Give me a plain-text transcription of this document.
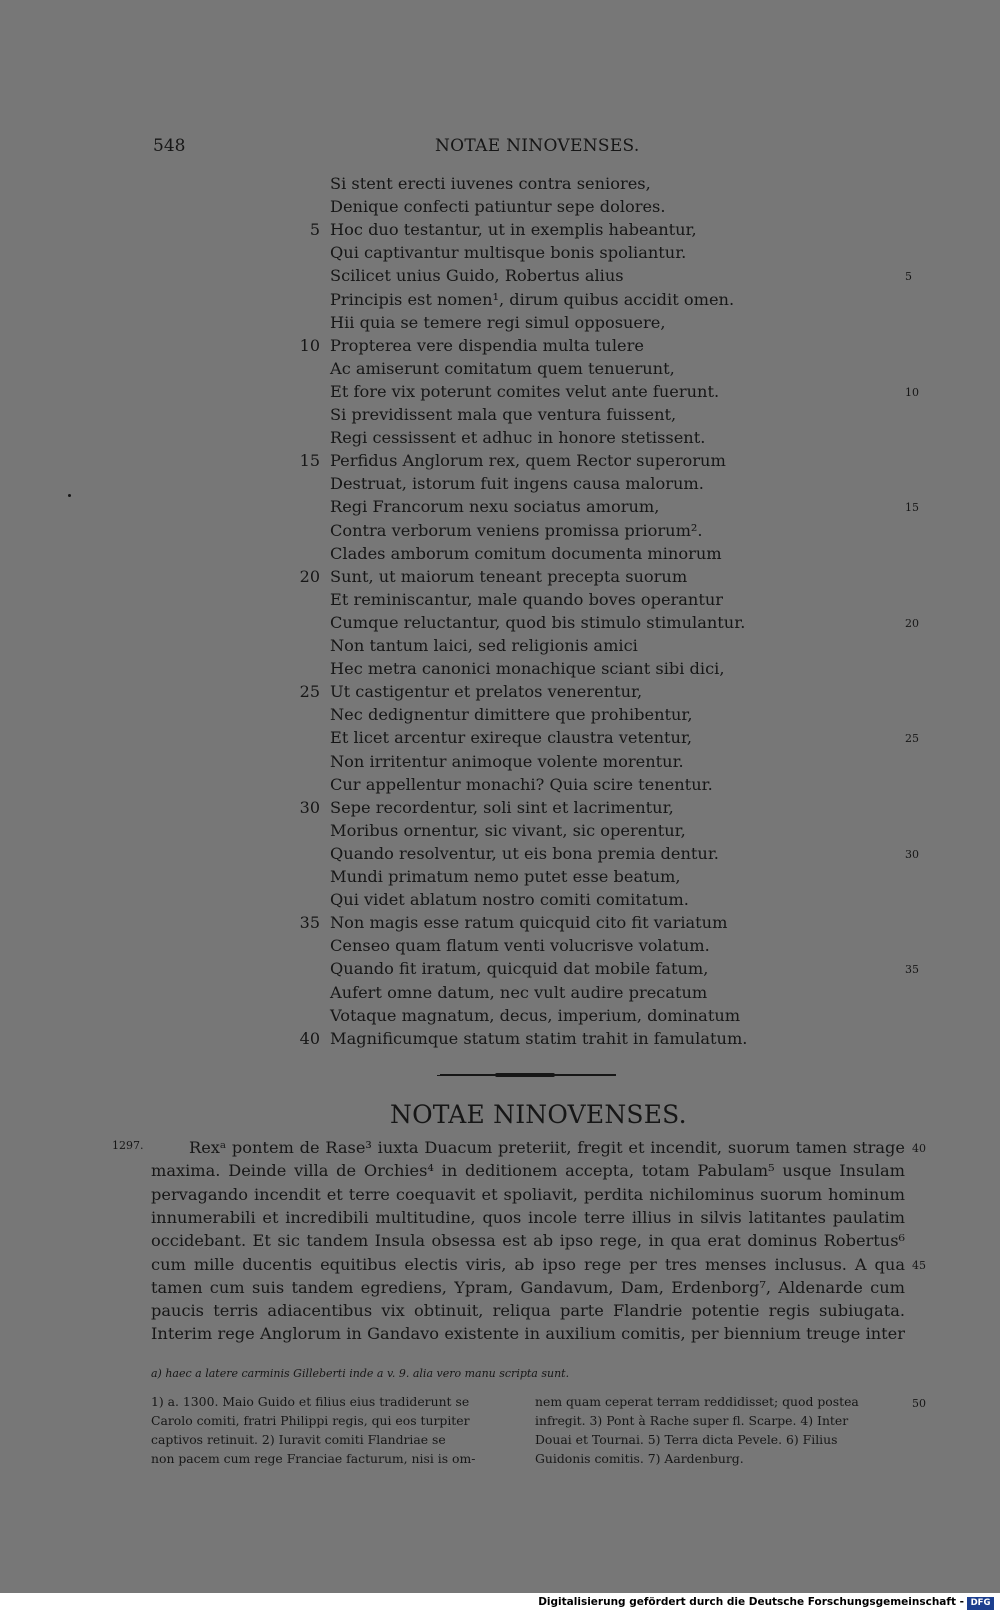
548	NOTAE NINOVENSES.
Si stent erecti iuvenes contra seniores,
Denique confecti patiuntur sepe dolores.
5 Hoc duo testantur, ut in exemplis habeantur,
Qui captivantur multisque bonis spoliantur.
Scilicet unius Guido, Robertus alius	5
Principis est nomen¹, dirum quibus accidit omen.
Hii quia se temere regi simul opposuere,
10 Propterea vere dispendia multa tulere
Ac amiserunt comitatum quem tenuerunt,
Et fore vix poterunt comites velut ante fuerunt.	10
Si previdissent mala que ventura fuissent,
Regi cessissent et adhuc in honore stetissent.
15 Perfidus Anglorum rex, quem Rector superorum
Destruat, istorum fuit ingens causa malorum.
Regi Francorum nexu sociatus amorum,	15
Contra verborum veniens promissa priorum².
Clades amborum comitum documenta minorum
20 Sunt, ut maiorum teneant precepta suorum
Et reminiscantur, male quando boves operantur
Cumque reluctantur, quod bis stimulo stimulantur.	20
Non tantum laici, sed religionis amici
Hec metra canonici monachique sciant sibi dici,
25 Ut castigentur et prelatos venerentur,
Nec dedignentur dimittere que prohibentur,
Et licet arcentur exireque claustra vetentur,	25
Non irritentur animoque volente morentur.
Cur appellentur monachi? Quia scire tenentur.
30 Sepe recordentur, soli sint et lacrimentur,
Moribus ornentur, sic vivant, sic operentur,
Quando resolventur, ut eis bona premia dentur.	30
Mundi primatum nemo putet esse beatum,
Qui videt ablatum nostro comiti comitatum.
35 Non magis esse ratum quicquid cito fit variatum
Censeo quam flatum venti volucrisve volatum.
Quando fit iratum, quicquid dat mobile fatum,	35
Aufert omne datum, nec vult audire precatum
Votaque magnatum, decus, imperium, dominatum
40 Magnificumque statum statim trahit in famulatum.
NOTAE NINOVENSES.
1297.	Rexᵃ pontem de Rase³ iuxta Duacum preteriit, fregit et incendit, suorum tamen strage
maxima. Deinde villa de Orchies⁴ in deditionem accepta, totam Pabulam⁵ usque Insulam
pervagando incendit et terre coequavit et spoliavit, perdita nichilominus suorum hominum
innumerabili et incredibili multitudine, quos incole terre illius in silvis latitantes paulatim
occidebant. Et sic tandem Insula obsessa est ab ipso rege, in qua erat dominus Robertus⁶
cum mille ducentis equitibus electis viris, ab ipso rege per tres menses inclusus. A qua
tamen cum suis tandem egrediens, Ypram, Gandavum, Dam, Erdenborg⁷, Aldenarde cum
paucis terris adiacentibus vix obtinuit, reliqua parte Flandrie potentie regis subiugata.
Interim rege Anglorum in Gandavo existente in auxilium comitis, per biennium treuge inter
40
45
a) haec a latere carminis Gilleberti inde a v. 9. alia vero manu scripta sunt.
1) a. 1300. Maio Guido et filius eius tradiderunt se
Carolo comiti, fratri Philippi regis, qui eos turpiter
captivos retinuit. 2) Iuravit comiti Flandriae se
non pacem cum rege Franciae facturum, nisi is om-
nem quam ceperat terram reddidisset; quod postea
infregit. 3) Pont à Rache super fl. Scarpe. 4) Inter
Douai et Tournai. 5) Terra dicta Pevele. 6) Filius
Guidonis comitis. 7) Aardenburg.
50
Digitalisierung gefördert durch die Deutsche Forschungsgemeinschaft - DFG
